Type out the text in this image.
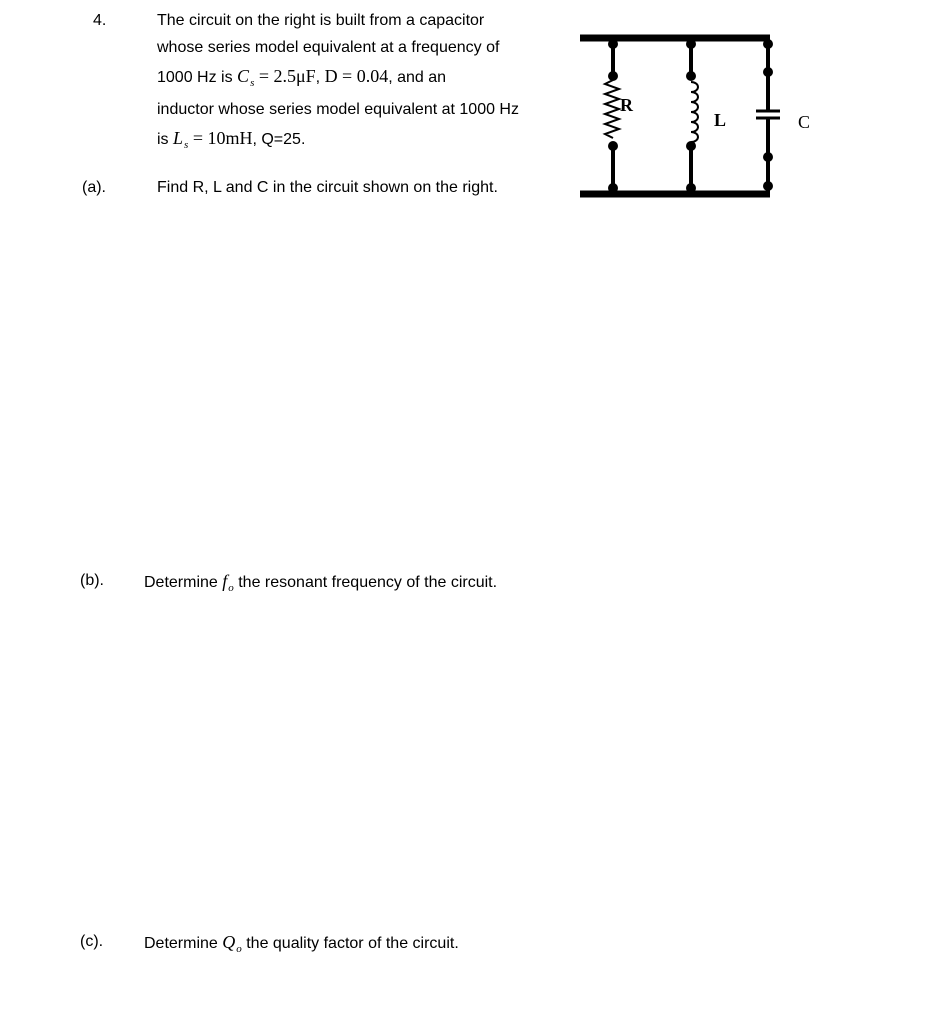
4.	The circuit on the right is built from a capacitor
whose series model equivalent at a frequency of
1000 Hz is $C_s = 2.5\mu F$, D = 0.04, and an
inductor whose series model equivalent at 1000 Hz
is $L_s = 10mH$, Q=25.
(a).	Find R, L and C in the circuit shown on the right.
(b).	Determine $f_o$ the resonant frequency of the circuit.
(c).	Determine $Q_o$ the quality factor of the circuit.
R
L	C
